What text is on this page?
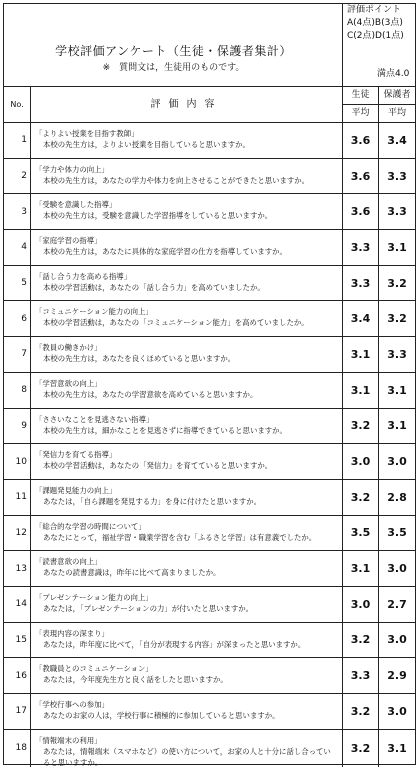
学校評価アンケート（生徒・保護者集計）
※　質問文は，生徒用のものです。
評価ポイント
A(4点)B(3点)
C(2点)D(1点)
満点4.0
No.	評価内容
生徒
平均
保護者
平均
1
「よりよい授業を目指す教師」
本校の先生方は，よりよい授業を目指していると思いますか。	3.6	3.4
2
「学力や体力の向上」
本校の先生方は，あなたの学力や体力を向上させることができたと思いますか。	3.6	3.3
3
「受験を意識した指導」
本校の先生方は，受験を意識した学習指導をしていると思いますか。	3.6	3.3
4
「家庭学習の指導」
本校の先生方は，あなたに具体的な家庭学習の仕方を指導していますか。	3.3	3.1
5
「話し合う力を高める指導」
本校の学習活動は，あなたの「話し合う力」を高めていましたか。	3.3	3.2
6
「コミュニケーション能力の向上」
本校の学習活動は，あなたの「コミュニケーション能力」を高めていましたか。	3.4	3.2
7
「教員の働きかけ」
本校の先生方は，あなたを良くほめていると思いますか。	3.1	3.3
8
「学習意欲の向上」
本校の先生方は，あなたの学習意欲を高めていると思いますか。	3.1	3.1
9
「ささいなことを見逃さない指導」
本校の先生方は，細かなことを見逃さずに指導できていると思いますか。	3.2	3.1
10
「発信力を育てる指導」
本校の学習活動は，あなたの「発信力」を育てていると思いますか。	3.0	3.0
11
「課題発見能力の向上」
あなたは，「自ら課題を発見する力」を身に付けたと思いますか。	3.2	2.8
12
「総合的な学習の時間について」
あなたにとって，福祉学習・職業学習を含む「ふるさと学習」は有意義でしたか。	3.5	3.5
13
「読書意欲の向上」
あなたの読書意識は，昨年に比べて高まりましたか。	3.1	3.0
14
「プレゼンテーション能力の向上」
あなたは，「プレゼンテーションの力」が付いたと思いますか。	3.0	2.7
15
「表現内容の深まり」
あなたは，昨年度に比べて，「自分が表現する内容」が深まったと思いますか。	3.2	3.0
16
「教職員とのコミュニケーション」
あなたは，今年度先生方と良く話をしたと思いますか。	3.3	2.9
17
「学校行事への参加」
あなたのお家の人は，学校行事に積極的に参加していると思いますか。	3.2	3.0
18
「情報端末の利用」
あなたは，情報端末（スマホなど）の使い方について，お家の人と十分に話し合っていると思いますか。
3.2	3.1
